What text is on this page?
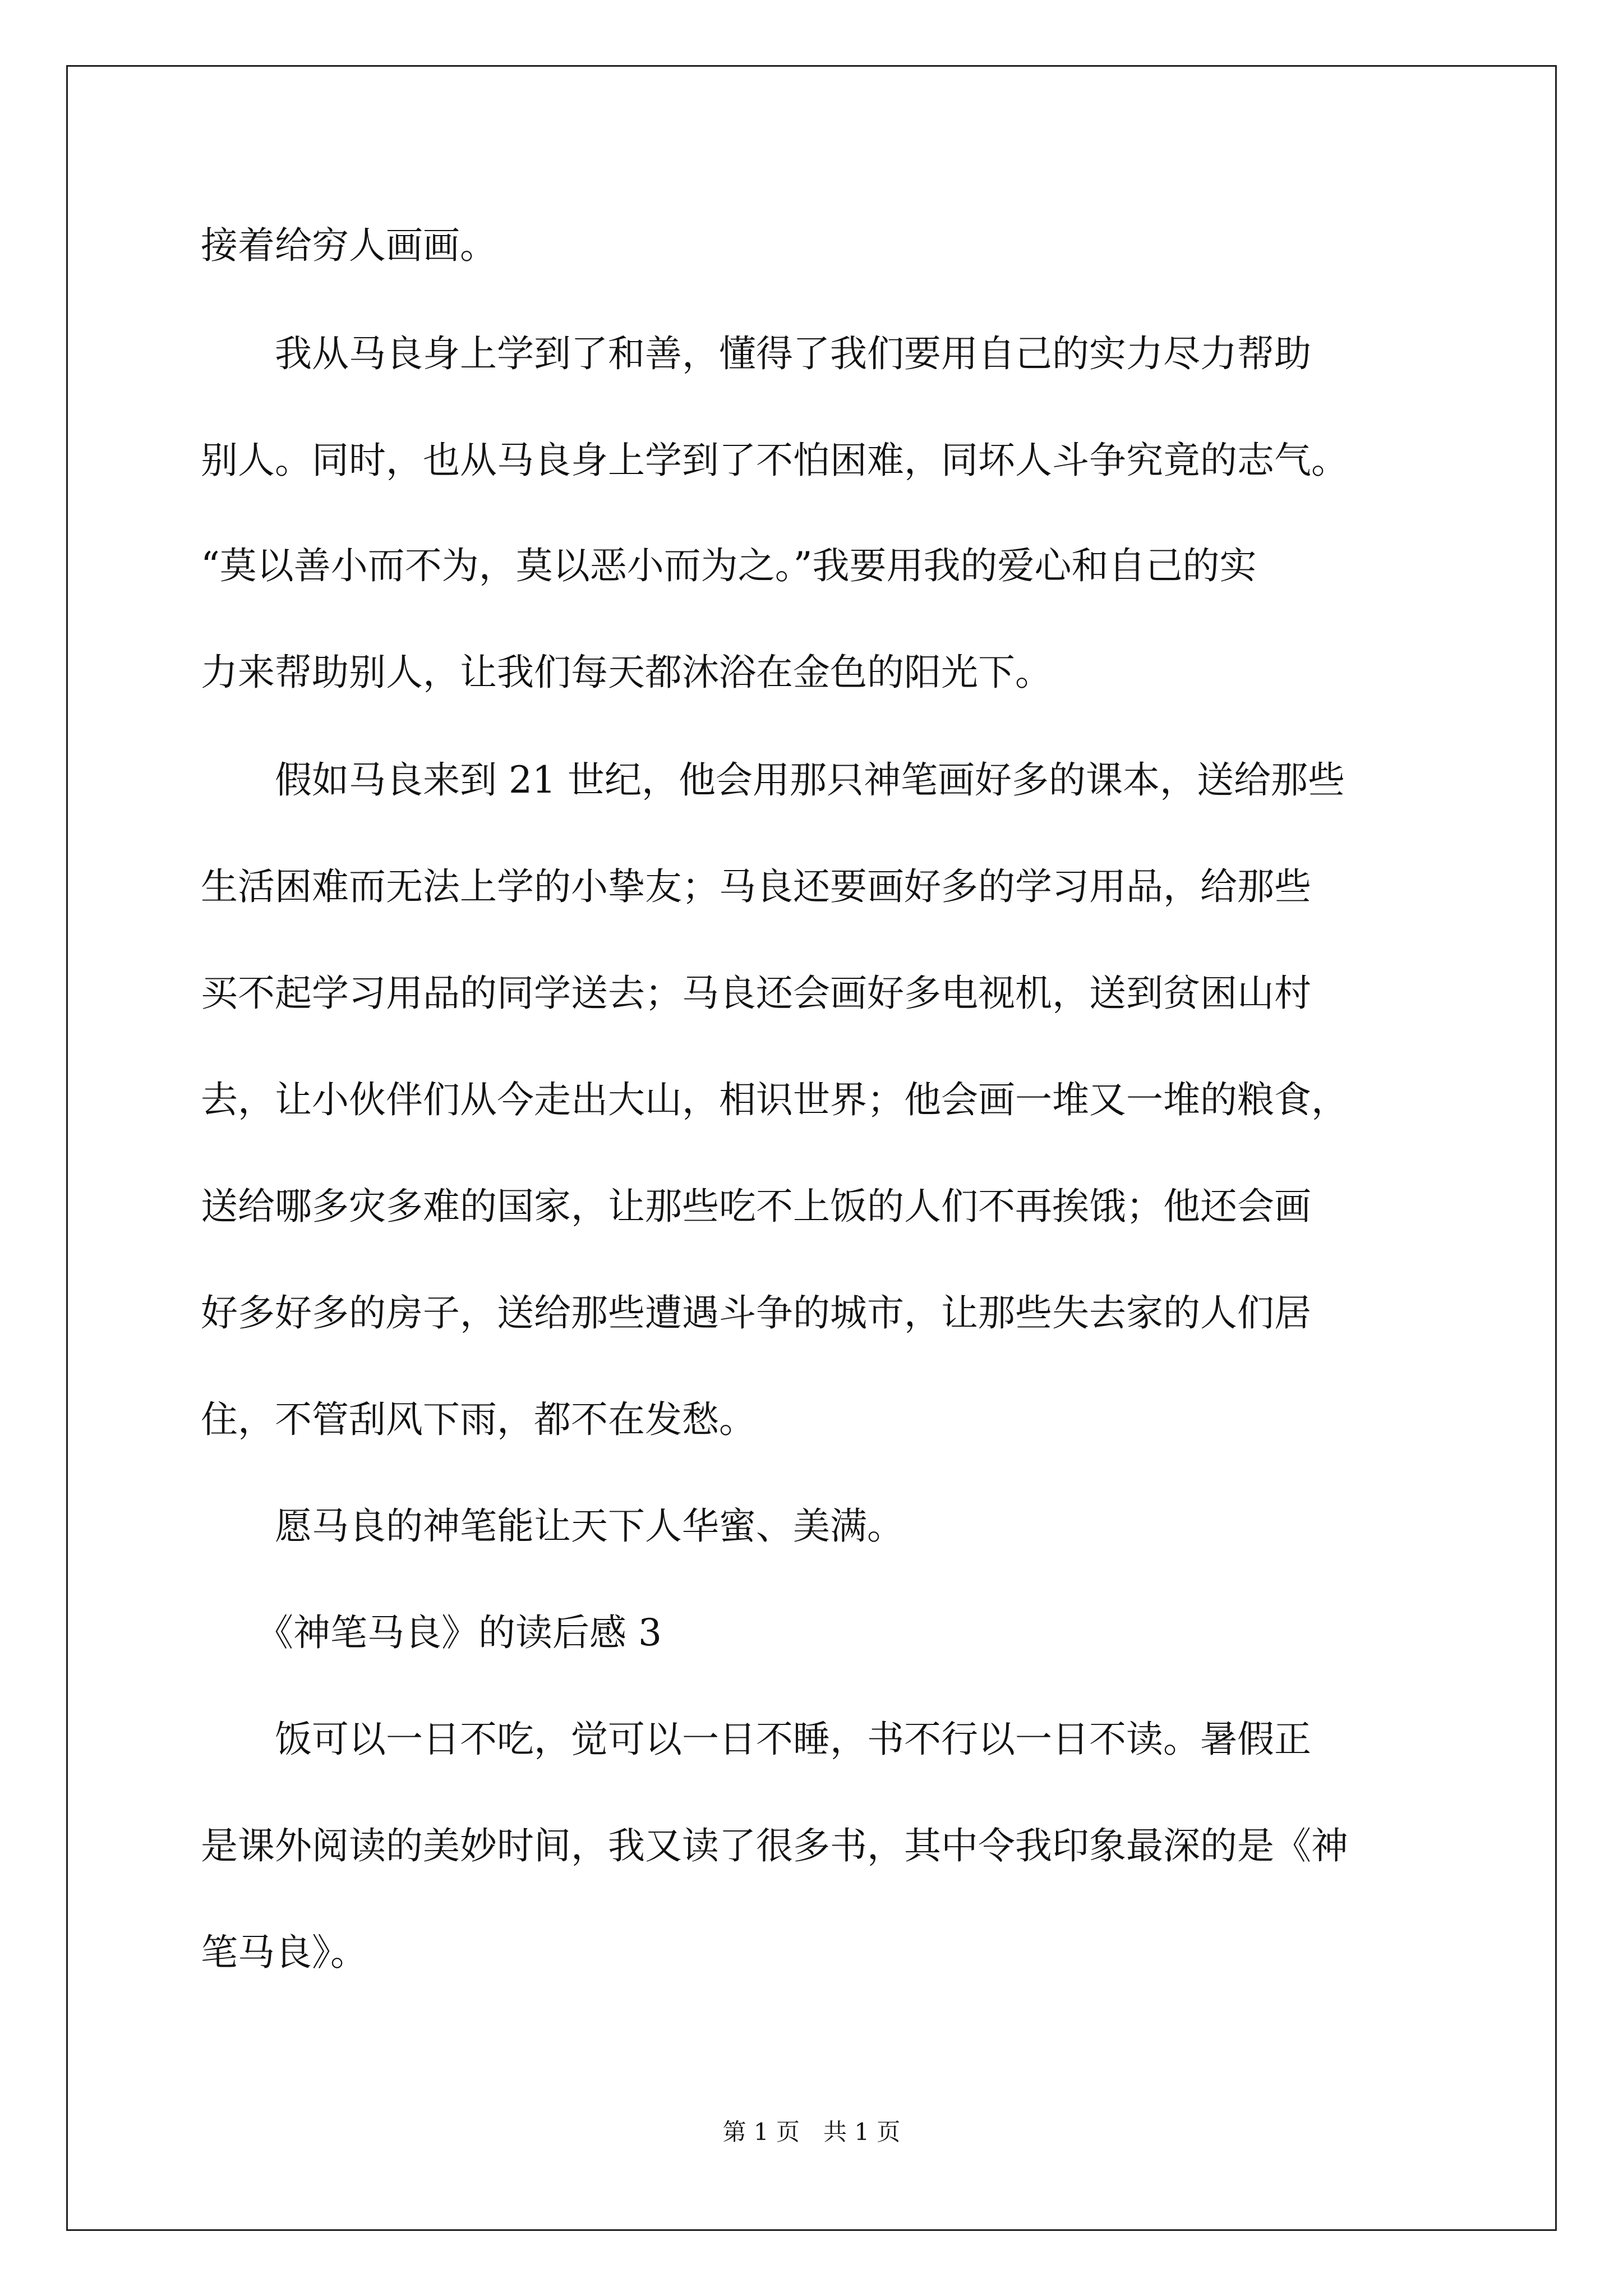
接着给穷人画画。
　　我从马良身上学到了和善，懂得了我们要用自己的实力尽力帮助
别人。同时，也从马良身上学到了不怕困难，同坏人斗争究竟的志气。
“莫以善小而不为，莫以恶小而为之。”我要用我的爱心和自己的实
力来帮助别人，让我们每天都沐浴在金色的阳光下。
　　假如马良来到 21 世纪，他会用那只神笔画好多的课本，送给那些
生活困难而无法上学的小挚友；马良还要画好多的学习用品，给那些
买不起学习用品的同学送去；马良还会画好多电视机，送到贫困山村
去，让小伙伴们从今走出大山，相识世界；他会画一堆又一堆的粮食，
送给哪多灾多难的国家，让那些吃不上饭的人们不再挨饿；他还会画
好多好多的房子，送给那些遭遇斗争的城市，让那些失去家的人们居
住，不管刮风下雨，都不在发愁。
　　愿马良的神笔能让天下人华蜜、美满。
　　《神笔马良》的读后感 3
　　饭可以一日不吃，觉可以一日不睡，书不行以一日不读。暑假正
是课外阅读的美妙时间，我又读了很多书，其中令我印象最深的是《神
笔马良》。
第 1 页　共 1 页
